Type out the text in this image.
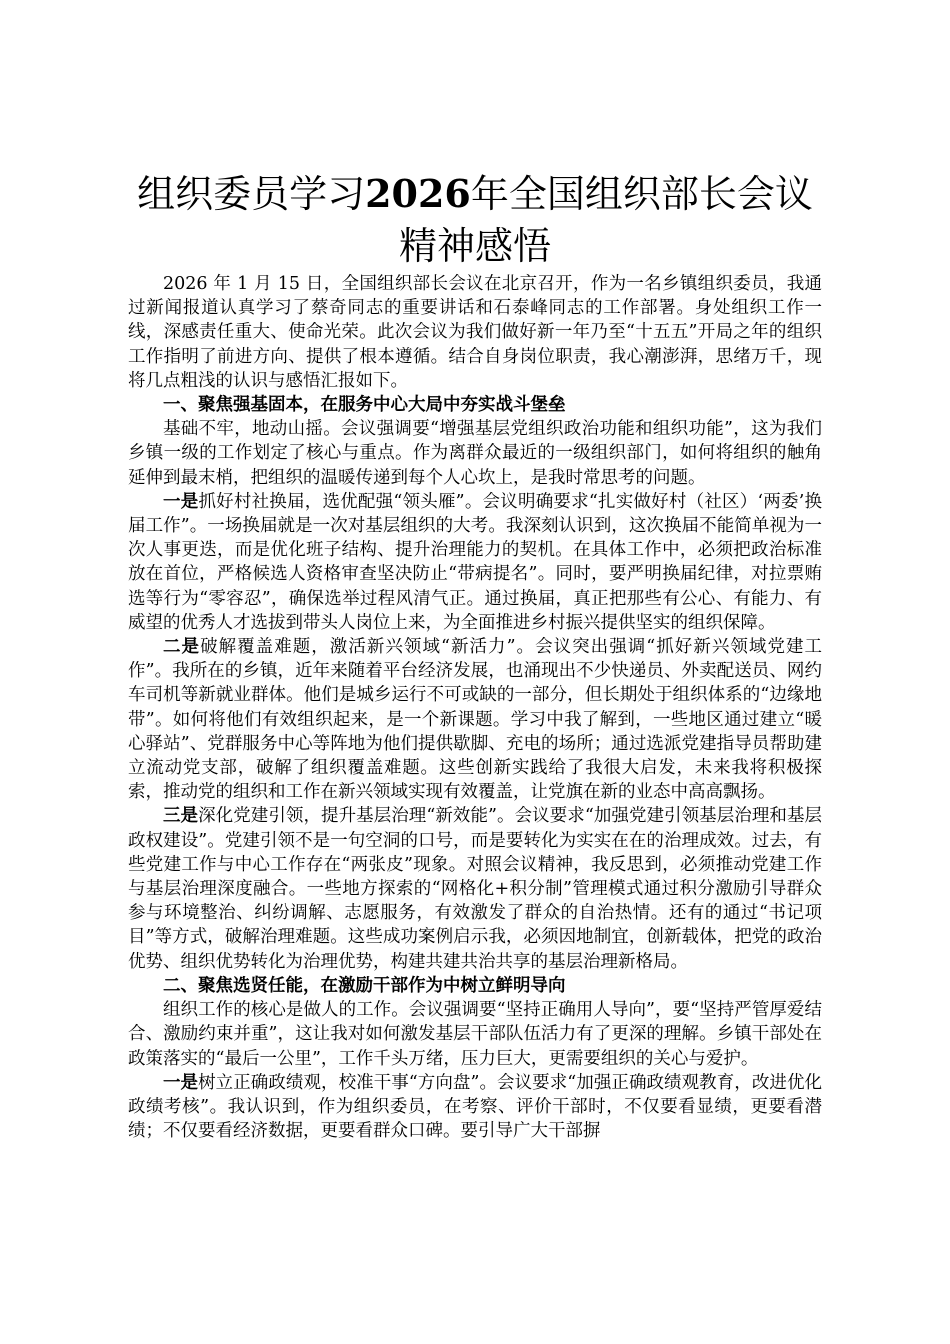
组织委员学习2026年全国组织部长会议精神感悟

2026 年 1 月 15 日，全国组织部长会议在北京召开，作为一名乡镇组织委员，我通过新闻报道认真学习了蔡奇同志的重要讲话和石泰峰同志的工作部署。身处组织工作一线，深感责任重大、使命光荣。此次会议为我们做好新一年乃至“十五五”开局之年的组织工作指明了前进方向、提供了根本遵循。结合自身岗位职责，我心潮澎湃，思绪万千，现将几点粗浅的认识与感悟汇报如下。

一、聚焦强基固本，在服务中心大局中夯实战斗堡垒

基础不牢，地动山摇。会议强调要“增强基层党组织政治功能和组织功能”，这为我们乡镇一级的工作划定了核心与重点。作为离群众最近的一级组织部门，如何将组织的触角延伸到最末梢，把组织的温暖传递到每个人心坎上，是我时常思考的问题。

一是抓好村社换届，选优配强“领头雁”。会议明确要求“扎实做好村（社区）‘两委’换届工作”。一场换届就是一次对基层组织的大考。我深刻认识到，这次换届不能简单视为一次人事更迭，而是优化班子结构、提升治理能力的契机。在具体工作中，必须把政治标准放在首位，严格候选人资格审查坚决防止“带病提名”。同时，要严明换届纪律，对拉票贿选等行为“零容忍”，确保选举过程风清气正。通过换届，真正把那些有公心、有能力、有威望的优秀人才选拔到带头人岗位上来，为全面推进乡村振兴提供坚实的组织保障。

二是破解覆盖难题，激活新兴领域“新活力”。会议突出强调“抓好新兴领域党建工作”。我所在的乡镇，近年来随着平台经济发展，也涌现出不少快递员、外卖配送员、网约车司机等新就业群体。他们是城乡运行不可或缺的一部分，但长期处于组织体系的“边缘地带”。如何将他们有效组织起来，是一个新课题。学习中我了解到，一些地区通过建立“暖心驿站”、党群服务中心等阵地为他们提供歇脚、充电的场所；通过选派党建指导员帮助建立流动党支部，破解了组织覆盖难题。这些创新实践给了我很大启发，未来我将积极探索，推动党的组织和工作在新兴领域实现有效覆盖，让党旗在新的业态中高高飘扬。

三是深化党建引领，提升基层治理“新效能”。会议要求“加强党建引领基层治理和基层政权建设”。党建引领不是一句空洞的口号，而是要转化为实实在在的治理成效。过去，有些党建工作与中心工作存在“两张皮”现象。对照会议精神，我反思到，必须推动党建工作与基层治理深度融合。一些地方探索的“网格化+积分制”管理模式通过积分激励引导群众参与环境整治、纠纷调解、志愿服务，有效激发了群众的自治热情。还有的通过“书记项目”等方式，破解治理难题。这些成功案例启示我，必须因地制宜，创新载体，把党的政治优势、组织优势转化为治理优势，构建共建共治共享的基层治理新格局。

二、聚焦选贤任能，在激励干部作为中树立鲜明导向

组织工作的核心是做人的工作。会议强调要“坚持正确用人导向”，要“坚持严管厚爱结合、激励约束并重”，这让我对如何激发基层干部队伍活力有了更深的理解。乡镇干部处在政策落实的“最后一公里”，工作千头万绪，压力巨大，更需要组织的关心与爱护。

一是树立正确政绩观，校准干事“方向盘”。会议要求“加强正确政绩观教育，改进优化政绩考核”。我认识到，作为组织委员，在考察、评价干部时，不仅要看显绩，更要看潜绩；不仅要看经济数据，更要看群众口碑。要引导广大干部摒
